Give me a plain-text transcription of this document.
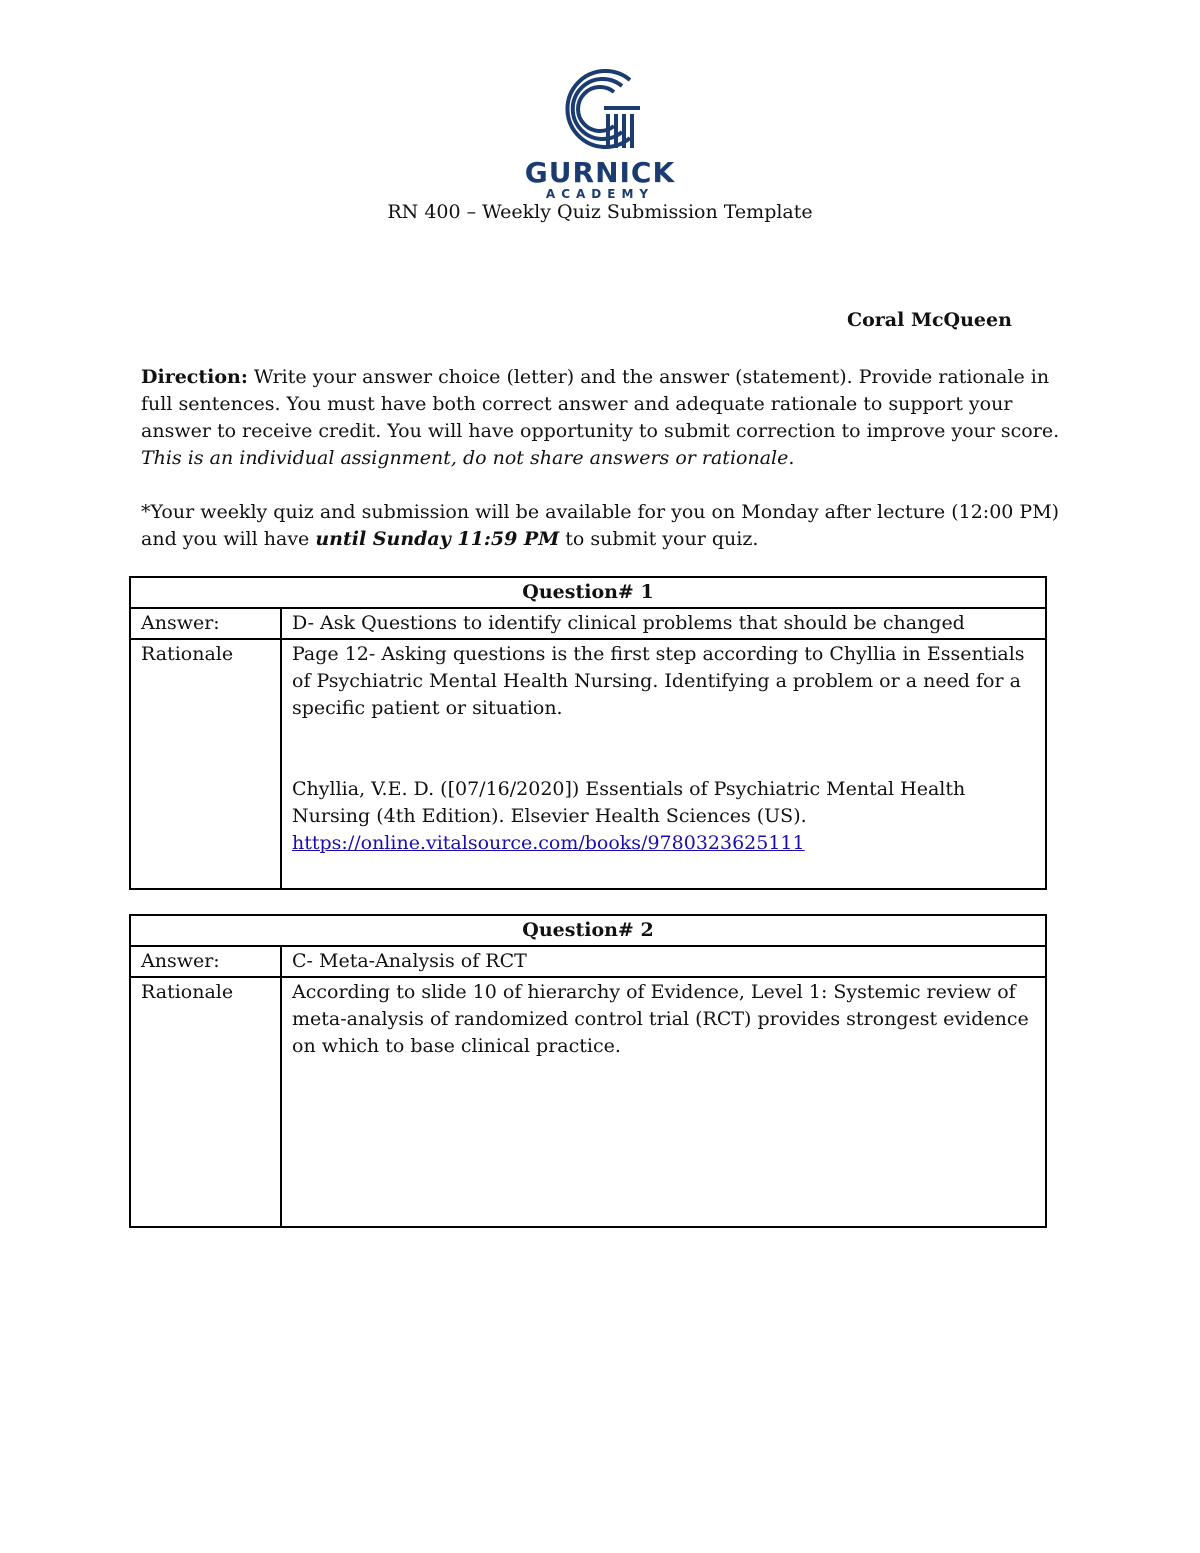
GURNICK
ACADEMY
RN 400 – Weekly Quiz Submission Template
Coral McQueen
Direction: Write your answer choice (letter) and the answer (statement). Provide rationale in full sentences. You must have both correct answer and adequate rationale to support your answer to receive credit. You will have opportunity to submit correction to improve your score. This is an individual assignment, do not share answers or rationale.
*Your weekly quiz and submission will be available for you on Monday after lecture (12:00 PM) and you will have until Sunday 11:59 PM to submit your quiz.
Question# 1	
Answer:	D- Ask Questions to identify clinical problems that should be changed
Rationale	Page 12- Asking questions is the first step according to Chyllia in Essentials of Psychiatric Mental Health Nursing. Identifying a problem or a need for a specific patient or situation.

Chyllia, V.E. D. ([07/16/2020]) Essentials of Psychiatric Mental Health Nursing (4th Edition). Elsevier Health Sciences (US).

https://online.vitalsource.com/books/9780323625111
Question# 2	
Answer:	C- Meta-Analysis of RCT
Rationale	According to slide 10 of hierarchy of Evidence, Level 1: Systemic review of meta-analysis of randomized control trial (RCT) provides strongest evidence on which to base clinical practice.
